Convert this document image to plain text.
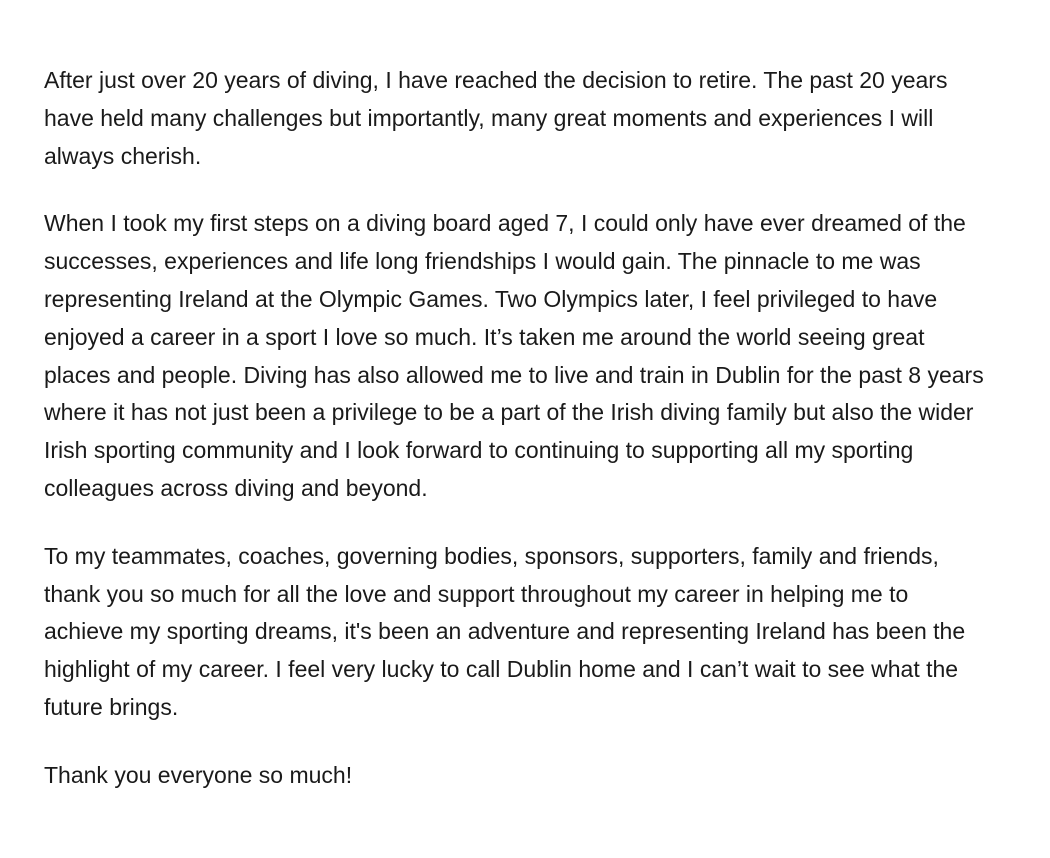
After just over 20 years of diving, I have reached the decision to retire. The past 20 years
have held many challenges but importantly, many great moments and experiences I will
always cherish.

When I took my first steps on a diving board aged 7, I could only have ever dreamed of the
successes, experiences and life long friendships I would gain. The pinnacle to me was
representing Ireland at the Olympic Games. Two Olympics later, I feel privileged to have
enjoyed a career in a sport I love so much. It’s taken me around the world seeing great
places and people. Diving has also allowed me to live and train in Dublin for the past 8 years
where it has not just been a privilege to be a part of the Irish diving family but also the wider
Irish sporting community and I look forward to continuing to supporting all my sporting
colleagues across diving and beyond.

To my teammates, coaches, governing bodies, sponsors, supporters, family and friends,
thank you so much for all the love and support throughout my career in helping me to
achieve my sporting dreams, it's been an adventure and representing Ireland has been the
highlight of my career. I feel very lucky to call Dublin home and I can’t wait to see what the
future brings.

Thank you everyone so much!
